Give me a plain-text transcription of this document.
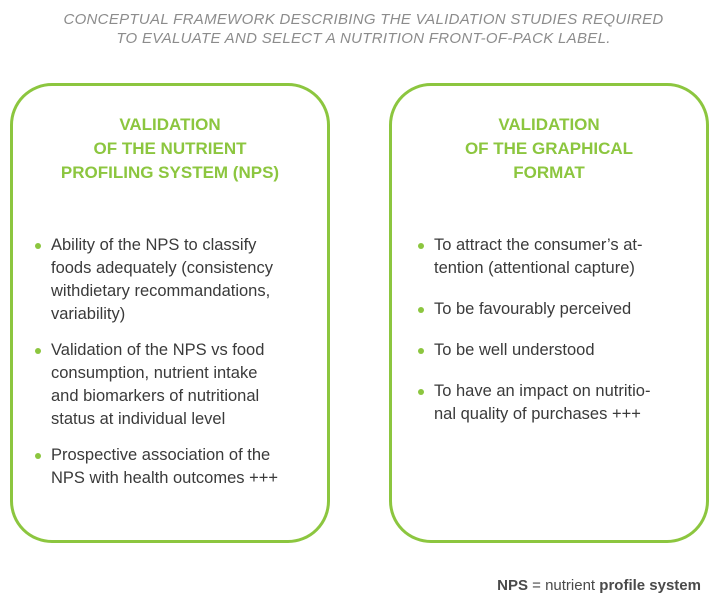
CONCEPTUAL FRAMEWORK DESCRIBING THE VALIDATION STUDIES REQUIRED
TO EVALUATE AND SELECT A NUTRITION FRONT-OF-PACK LABEL.
VALIDATION
OF THE NUTRIENT
PROFILING SYSTEM (NPS)
Ability of the NPS to classify
foods adequately (consistency
withdietary recommandations,
variability)
Validation of the NPS vs food
consumption, nutrient intake
and biomarkers of nutritional
status at individual level
Prospective association of the
NPS with health outcomes +++
VALIDATION
OF THE GRAPHICAL
FORMAT
To attract the consumer’s at-
tention (attentional capture)
To be favourably perceived
To be well understood
To have an impact on nutritio-
nal quality of purchases +++
NPS = nutrient profile system
